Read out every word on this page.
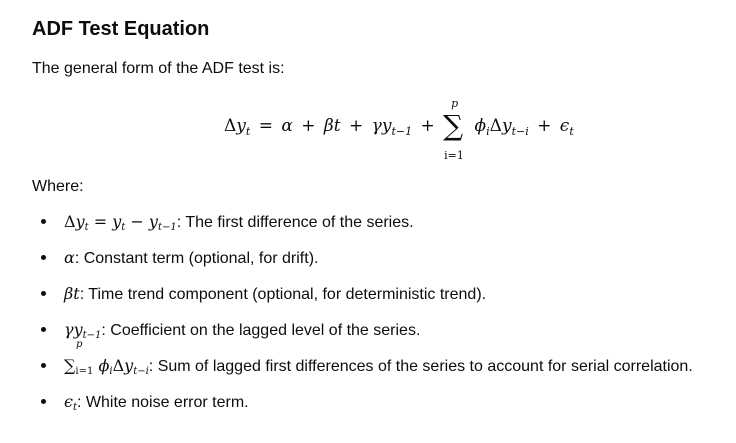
ADF Test Equation

The general form of the ADF test is:

$\Delta y_t = \alpha + \beta t + \gamma y_{t-1}$ +
p
∑
i=1
$\phi_i\Delta y_{t-i} + \epsilon_t$

Where:

$\Delta y_t = y_t - y_{t-1}$: The first difference of the series.
α: Constant term (optional, for drift).
βt: Time trend component (optional, for deterministic trend).
$\gamma y_{t-1}$: Coefficient on the lagged level of the series.
∑
p
i=1 $\phi_i\Delta y_{t-i}$: Sum of lagged first differences of the series to account for serial correlation.
$\epsilon_t$: White noise error term.
